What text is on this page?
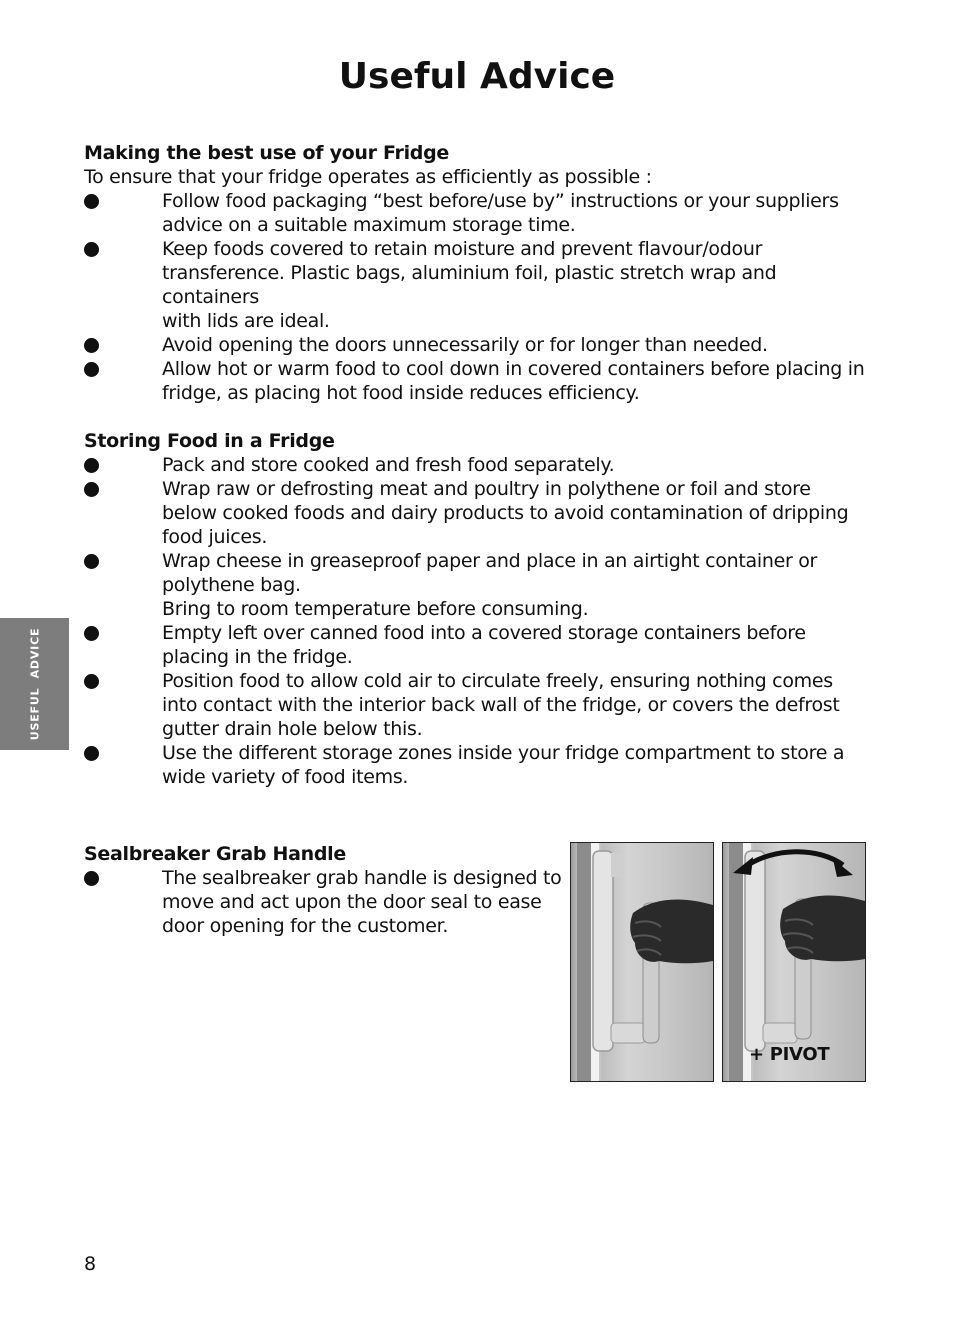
Useful Advice
USEFUL  ADVICE
Making the best use of your Fridge
To ensure that your fridge operates as efficiently as possible :
Follow food packaging “best before/use by” instructions or your suppliers
advice on a suitable maximum storage time.
Keep foods covered to retain moisture and prevent flavour/odour
transference. Plastic bags, aluminium foil, plastic stretch wrap and containers
with lids are ideal.
Avoid opening the doors unnecessarily or for longer than needed.
Allow hot or warm food to cool down in covered containers before placing in
fridge, as placing hot food inside reduces efficiency.
Storing Food in a Fridge
Pack and store cooked and fresh food separately.
Wrap raw or defrosting meat and poultry in polythene or foil and store
below cooked foods and dairy products to avoid contamination of dripping
food juices.
Wrap cheese in greaseproof paper and place in an airtight container or
polythene bag.
Bring to room temperature before consuming.
Empty left over canned food into a covered storage containers before
placing in the fridge.
Position food to allow cold air to circulate freely, ensuring nothing comes
into contact with the interior back wall of the fridge, or covers the defrost
gutter drain hole below this.
Use the different storage zones inside your fridge compartment to store a
wide variety of food items.
Sealbreaker Grab Handle
The sealbreaker grab handle is designed to
move and act upon the door seal to ease
door opening for the customer.
+ PIVOT
8
